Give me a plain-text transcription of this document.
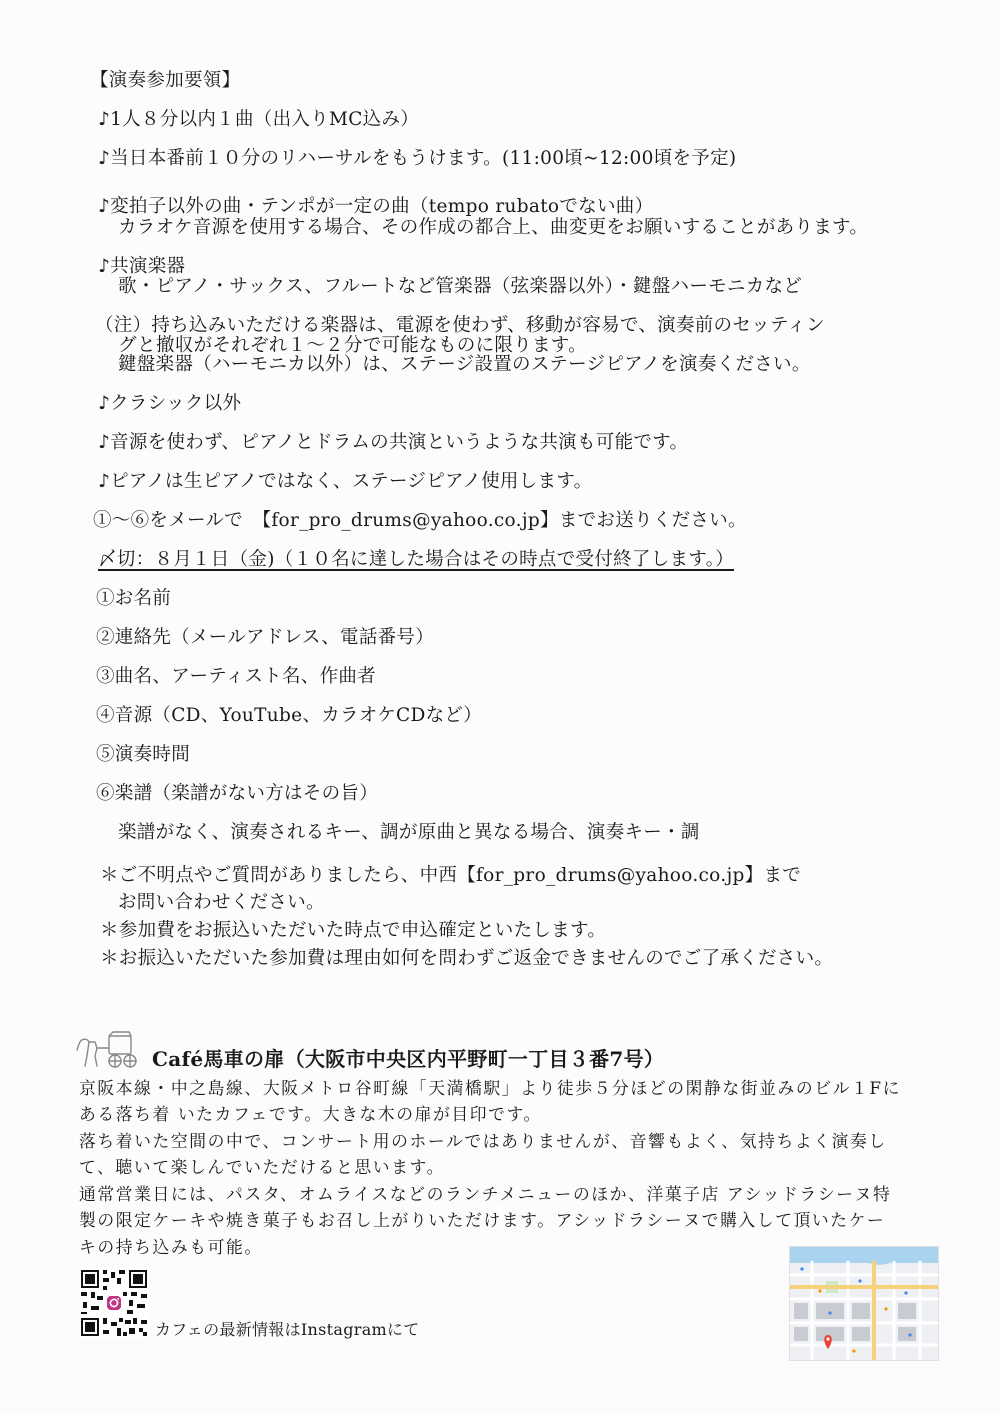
【演奏参加要領】
♪1人８分以内１曲（出入りMC込み）
♪当日本番前１０分のリハーサルをもうけます。(11:00頃~12:00頃を予定)
♪変拍子以外の曲・テンポが一定の曲（tempo rubatoでない曲）
カラオケ音源を使用する場合、その作成の都合上、曲変更をお願いすることがあります。
♪共演楽器
歌・ピアノ・サックス、フルートなど管楽器（弦楽器以外）・鍵盤ハーモニカなど
（注）持ち込みいただける楽器は、電源を使わず、移動が容易で、演奏前のセッティン
グと撤収がそれぞれ１～２分で可能なものに限ります。
鍵盤楽器（ハーモニカ以外）は、ステージ設置のステージピアノを演奏ください。
♪クラシック以外
♪音源を使わず、ピアノとドラムの共演というような共演も可能です。
♪ピアノは生ピアノではなく、ステージピアノ使用します。
①～⑥をメールで　【for_pro_drums@yahoo.co.jp】までお送りください。
〆切：８月１日（金)（１０名に達した場合はその時点で受付終了します。）
①お名前
②連絡先（メールアドレス、電話番号）
③曲名、アーティスト名、作曲者
④音源（CD、YouTube、カラオケCDなど）
⑤演奏時間
⑥楽譜（楽譜がない方はその旨）
楽譜がなく、演奏されるキー、調が原曲と異なる場合、演奏キー・調
＊ご不明点やご質問がありましたら、中西【for_pro_drums@yahoo.co.jp】まで
お問い合わせください。
＊参加費をお振込いただいた時点で申込確定といたします。
＊お振込いただいた参加費は理由如何を問わずご返金できませんのでご了承ください。
Café馬車の扉（大阪市中央区内平野町一丁目３番7号）
京阪本線・中之島線、大阪メトロ谷町線「天満橋駅」より徒歩５分ほどの閑静な街並みのビル１Fに
ある落ち着 いたカフェです。大きな木の扉が目印です。
落ち着いた空間の中で、コンサート用のホールではありませんが、音響もよく、気持ちよく演奏し
て、聴いて楽しんでいただけると思います。
通常営業日には、パスタ、オムライスなどのランチメニューのほか、洋菓子店 アシッドラシーヌ特
製の限定ケーキや焼き菓子もお召し上がりいただけます。アシッドラシーヌで購入して頂いたケー
キの持ち込みも可能。
カフェの最新情報はInstagramにて
